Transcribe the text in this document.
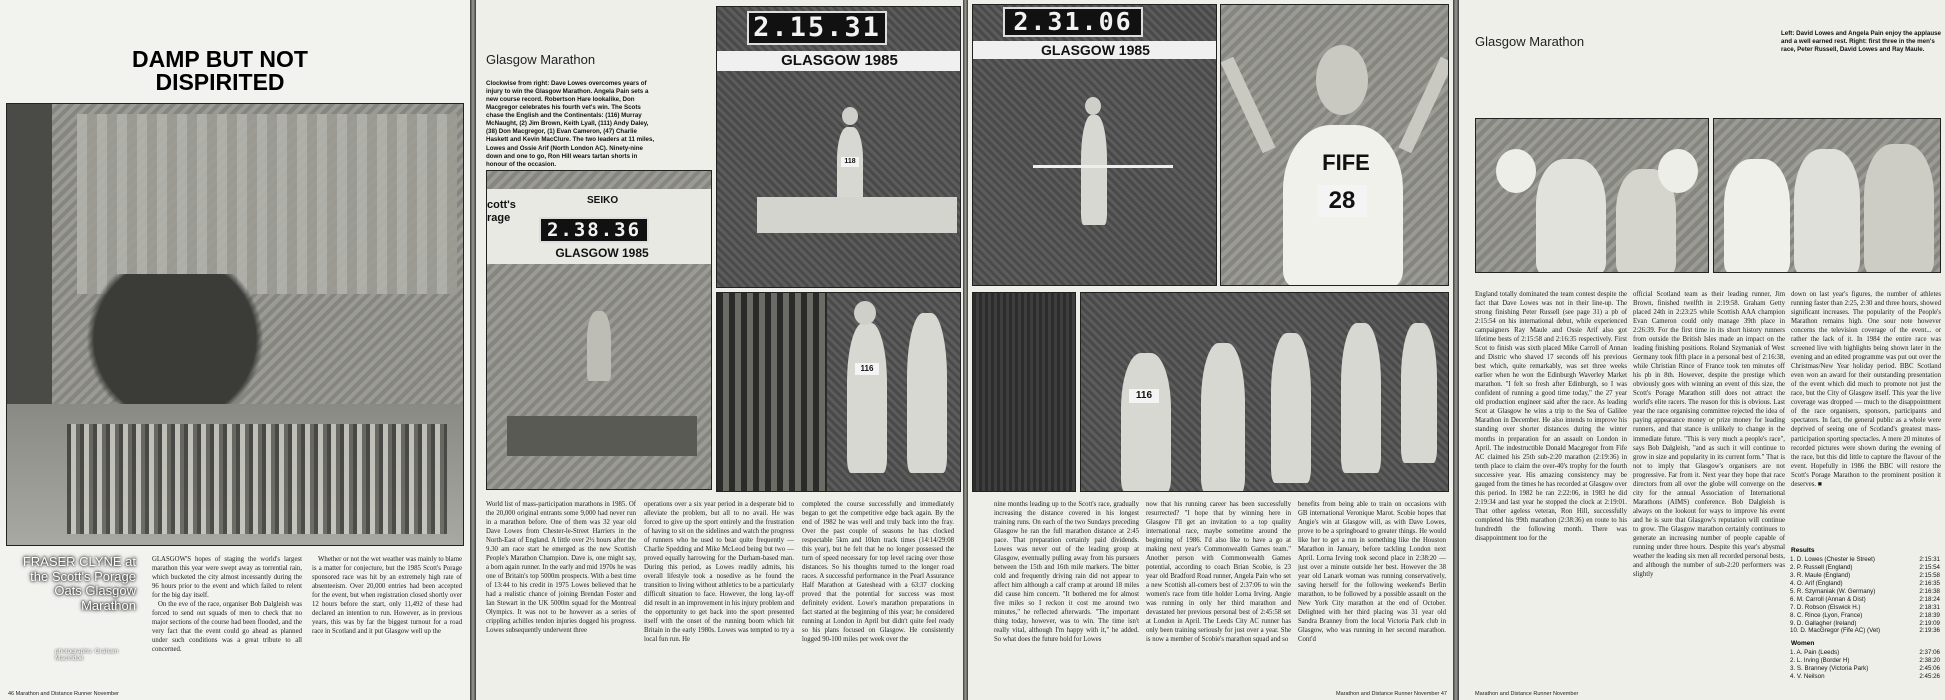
DAMP BUT NOT DISPIRITED
FRASER CLYNE at the Scott's Porage Oats Glasgow Marathon
photographs: Graham MacIndoe

GLASGOW'S hopes of staging the world's largest marathon this year were swept away as torrential rain, which bucketed the city almost incessantly during the 96 hours prior to the event and which failed to relent for the big day itself.

On the eve of the race, organiser Bob Dalgleish was forced to send out squads of men to check that no major sections of the course had been flooded, and the very fact that the event could go ahead as planned under such conditions was a great tribute to all concerned.

Whether or not the wet weather was mainly to blame is a matter for conjecture, but the 1985 Scott's Porage sponsored race was hit by an extremely high rate of absenteeism. Over 20,000 entries had been accepted for the event, but when registration closed shortly over 12 hours before the start, only 11,492 of these had declared an intention to run. However, as in previous years, this was by far the biggest turnout for a road race in Scotland and it put Glasgow well up the

46 Marathon and Distance Runner November
Glasgow Marathon
Clockwise from right: Dave Lowes overcomes years of injury to win the Glasgow Marathon. Angela Pain sets a new course record. Robertson Hare lookalike, Don Macgregor celebrates his fourth vet's win. The Scots chase the English and the Continentals: (116) Murray McNaught, (2) Jim Brown, Keith Lyall, (111) Andy Daley, (38) Don Macgregor, (1) Evan Cameron, (47) Charlie Haskett and Kevin MacClure. The two leaders at 11 miles, Lowes and Ossie Arif (North London AC). Ninety-nine down and one to go, Ron Hill wears tartan shorts in honour of the occasion.
2.15.31
GLASGOW 1985
118
SEIKO
2.38.36
GLASGOW 1985
cott's rage
116
World list of mass-participation marathons in 1985. Of the 20,000 original entrants some 9,000 had never run in a marathon before. One of them was 32 year old Dave Lowes from Chester-le-Street Harriers in the North-East of England. A little over 2½ hours after the 9.30 am race start he emerged as the new Scottish People's Marathon Champion. Dave is, one might say, a born again runner. In the early and mid 1970s he was one of Britain's top 5000m prospects. With a best time of 13:44 to his credit in 1975 Lowes believed that he had a realistic chance of joining Brendan Foster and Ian Stewart in the UK 5000m squad for the Montreal Olympics. It was not to be however as a series of crippling achilles tendon injuries dogged his progress. Lowes subsequently underwent three
operations over a six year period in a desperate bid to alleviate the problem, but all to no avail. He was forced to give up the sport entirely and the frustration of having to sit on the sidelines and watch the progress of runners who he used to beat quite frequently — Charlie Spedding and Mike McLeod being but two — proved equally harrowing for the Durham-based man. During this period, as Lowes readily admits, his overall lifestyle took a nosedive as he found the transition to living without athletics to be a particularly difficult situation to face. However, the long lay-off did result in an improvement in his injury problem and the opportunity to get back into the sport presented itself with the onset of the running boom which hit Britain in the early 1980s. Lowes was tempted to try a local fun run. He
completed the course successfully and immediately began to get the competitive edge back again. By the end of 1982 he was well and truly back into the fray. Over the past couple of seasons he has clocked respectable 5km and 10km track times (14:14/29:08 this year), but he felt that he no longer possessed the turn of speed necessary for top level racing over those distances. So his thoughts turned to the longer road races. A successful performance in the Pearl Assurance Half Marathon at Gateshead with a 63:37 clocking proved that the potential for success was most definitely evident. Lowe's marathon preparations in fact started at the beginning of this year; he considered running at London in April but didn't quite feel ready so his plans focused on Glasgow. He consistently logged 90-100 miles per week over the
2.31.06
GLASGOW 1985
FIFE
28
116
nine months leading up to the Scott's race, gradually increasing the distance covered in his longest training runs. On each of the two Sundays preceding Glasgow he ran the full marathon distance at 2:45 pace. That preparation certainly paid dividends. Lowes was never out of the leading group at Glasgow, eventually pulling away from his pursuers between the 15th and 16th mile markers. The bitter cold and frequently driving rain did not appear to affect him although a calf cramp at around 18 miles did cause him concern. "It bothered me for almost five miles so I reckon it cost me around two minutes," he reflected afterwards. "The important thing today, however, was to win. The time isn't really vital, although I'm happy with it," he added. So what does the future hold for Lowes
now that his running career has been successfully resurrected? "I hope that by winning here in Glasgow I'll get an invitation to a top quality international race, maybe sometime around the beginning of 1986. I'd also like to have a go at making next year's Commonwealth Games team." Another person with Commonwealth Games potential, according to coach Brian Scobie, is 23 year old Bradford Road runner, Angela Pain who set a new Scottish all-comers best of 2:37:06 to win the women's race from title holder Lorna Irving. Angie was running in only her third marathon and devastated her previous personal best of 2:45:58 set at London in April. The Leeds City AC runner has only been training seriously for just over a year. She is now a member of Scobie's marathon squad and so
benefits from being able to train on occasions with GB international Veronique Marot. Scobie hopes that Angie's win at Glasgow will, as with Dave Lowes, prove to be a springboard to greater things. He would like her to get a run in something like the Houston Marathon in January, before tackling London next April. Lorna Irving took second place in 2:38:20 — just over a minute outside her best. However the 38 year old Lanark woman was running conservatively, saving herself for the following weekend's Berlin marathon, to be followed by a possible assault on the New York City marathon at the end of October. Delighted with her third placing was 31 year old Sandra Branney from the local Victoria Park club in Glasgow, who was running in her second marathon. Cont'd
Marathon and Distance Runner November 47
Glasgow Marathon
Left: David Lowes and Angela Pain enjoy the applause and a well earned rest. Right: first three in the men's race, Peter Russell, David Lowes and Ray Maule.
England totally dominated the team contest despite the fact that Dave Lowes was not in their line-up. The strong finishing Peter Russell (see page 31) a pb of 2:15:54 on his international debut, while experienced campaigners Ray Maule and Ossie Arif also got lifetime bests of 2:15:58 and 2:16:35 respectively. First Scot to finish was sixth placed Mike Carroll of Annan and Distric who shaved 17 seconds off his previous best which, quite remarkably, was set three weeks earlier when he won the Edinburgh Waverley Market marathon. "I felt so fresh after Edinburgh, so I was confident of running a good time today," the 27 year old production engineer said after the race. As leading Scot at Glasgow he wins a trip to the Sea of Galilee Marathon in December. He also intends to improve his standing over shorter distances during the winter months in preparation for an assault on London in April. The indestructible Donald Macgregor from Fife AC claimed his 25th sub-2:20 marathon (2:19:36) in tenth place to claim the over-40's trophy for the fourth successive year. His amazing consistency may be gauged from the times he has recorded at Glasgow over this period. In 1982 he ran 2:22:06, in 1983 he did 2:19:34 and last year he stopped the clock at 2:19:01. That other ageless veteran, Ron Hill, successfully completed his 99th marathon (2:38:36) en route to his hundredth the following month. There was disappointment too for the
official Scotland team as their leading runner, Jim Brown, finished twelfth in 2:19:58. Graham Getty placed 24th in 2:23:25 while Scottish AAA champion Evan Cameron could only manage 39th place in 2:26:39. For the first time in its short history runners from outside the British Isles made an impact on the leading finishing positions. Roland Szymaniak of West Germany took fifth place in a personal best of 2:16:38, while Christian Rince of France took ten minutes off his pb in 8th. However, despite the prestige which obviously goes with winning an event of this size, the Scott's Porage Marathon still does not attract the world's elite racers. The reason for this is obvious. Last year the race organising committee rejected the idea of paying appearance money or prize money for leading runners, and that stance is unlikely to change in the immediate future. "This is very much a people's race", says Bob Dalgleish, "and as such it will continue to grow in size and popularity in its current form." That is not to imply that Glasgow's organisers are not progressive. Far from it. Next year they hope that race directors from all over the globe will converge on the city for the annual Association of International Marathons (AIMS) conference. Bob Dalgleish is always on the lookout for ways to improve his event and he is sure that Glasgow's reputation will continue to grow. The Glasgow marathon certainly continues to generate an increasing number of people capable of running under three hours. Despite this year's abysmal weather the leading six men all recorded personal bests, and although the number of sub-2:20 performers was slightly
down on last year's figures, the number of athletes running faster than 2:25, 2:30 and three hours, showed significant increases. The popularity of the People's Marathon remains high. One sour note however concerns the television coverage of the event... or rather the lack of it. In 1984 the entire race was screened live with highlights being shown later in the evening and an edited programme was put out over the Christmas/New Year holiday period. BBC Scotland even won an award for their outstanding presentation of the event which did much to promote not just the race, but the City of Glasgow itself. This year the live coverage was dropped — much to the disappointment of the race organisers, sponsors, participants and spectators. In fact, the general public as a whole were deprived of seeing one of Scotland's greatest mass-participation sporting spectacles. A mere 20 minutes of recorded pictures were shown during the evening of the race, but this did little to capture the flavour of the event. Hopefully in 1986 the BBC will restore the Scott's Porage Marathon to the prominent position it deserves. ■
Results
1. D. Lowes (Chester le Street)	2:15:31
2. P. Russell (England)	2:15:54
3. R. Maule (England)	2:15:58
4. O. Arif (England)	2:16:35
5. R. Szymaniak (W. Germany)	2:16:38
6. M. Carroll (Annan & Dist)	2:18:24
7. D. Robson (Elswick H.)	2:18:31
8. C. Rince (Lyon, France)	2:18:39
9. D. Gallagher (Ireland)	2:19:09
10. D. MacGregor (Fife AC) (Vet)	2:19:36
Women
1. A. Pain (Leeds)	2:37:06
2. L. Irving (Border H)	2:38:20
3. S. Branney (Victoria Park)	2:45:06
4. V. Neilson	2:45:26
Marathon and Distance Runner November
